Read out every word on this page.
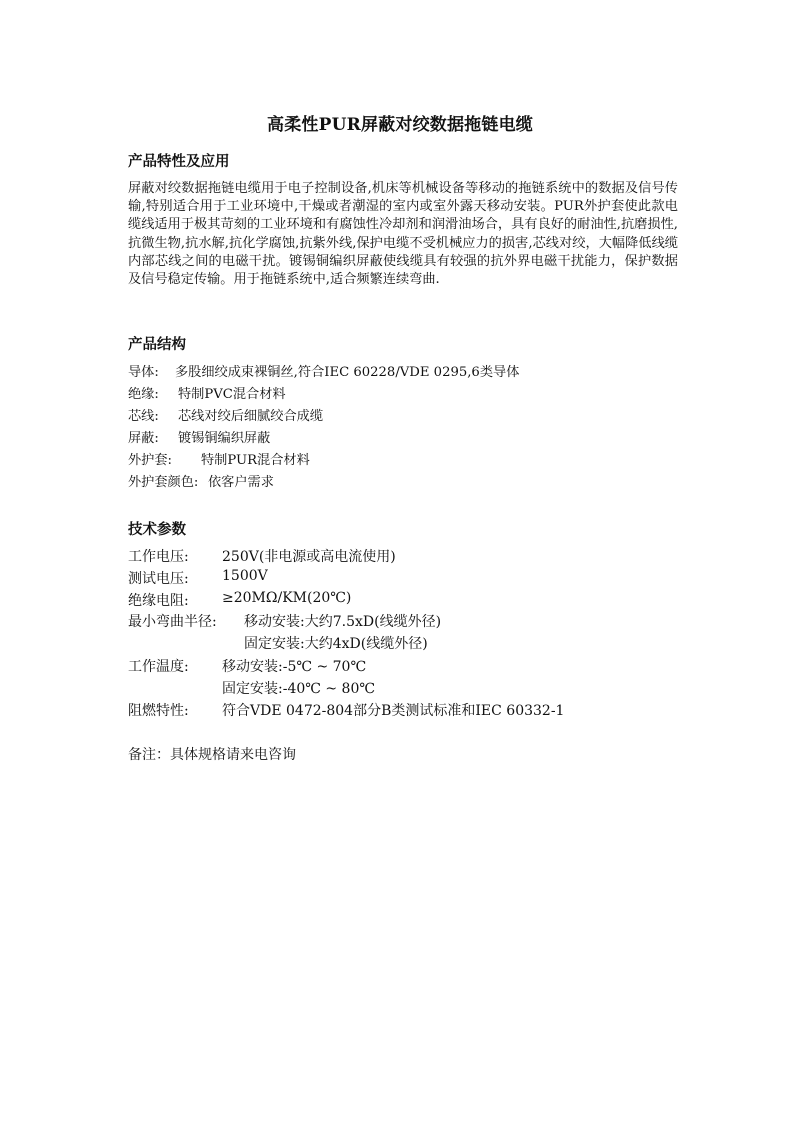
高柔性PUR屏蔽对绞数据拖链电缆
产品特性及应用
屏蔽对绞数据拖链电缆用于电子控制设备,机床等机械设备等移动的拖链系统中的数据及信号传输,特别适合用于工业环境中,干燥或者潮湿的室内或室外露天移动安装。PUR外护套使此款电缆线适用于极其苛刻的工业环境和有腐蚀性冷却剂和润滑油场合，具有良好的耐油性,抗磨损性,抗微生物,抗水解,抗化学腐蚀,抗紫外线,保护电缆不受机械应力的损害,芯线对绞，大幅降低线缆内部芯线之间的电磁干扰。镀锡铜编织屏蔽使线缆具有较强的抗外界电磁干扰能力，保护数据及信号稳定传输。用于拖链系统中,适合频繁连续弯曲.
产品结构
导体: 多股细绞成束裸铜丝,符合IEC 60228/VDE 0295,6类导体
绝缘: 特制PVC混合材料
芯线: 芯线对绞后细腻绞合成缆
屏蔽: 镀锡铜编织屏蔽
外护套: 特制PUR混合材料
外护套颜色: 依客户需求
技术参数
工作电压: 250V(非电源或高电流使用)
测试电压: 1500V
绝缘电阻: ≥20MΩ/KM(20℃)
最小弯曲半径: 移动安装:大约7.5xD(线缆外径)
固定安装:大约4xD(线缆外径)
工作温度: 移动安装:-5℃ ~ 70℃
固定安装:-40℃ ~ 80℃
阻燃特性: 符合VDE 0472-804部分B类测试标准和IEC 60332-1
备注：具体规格请来电咨询
